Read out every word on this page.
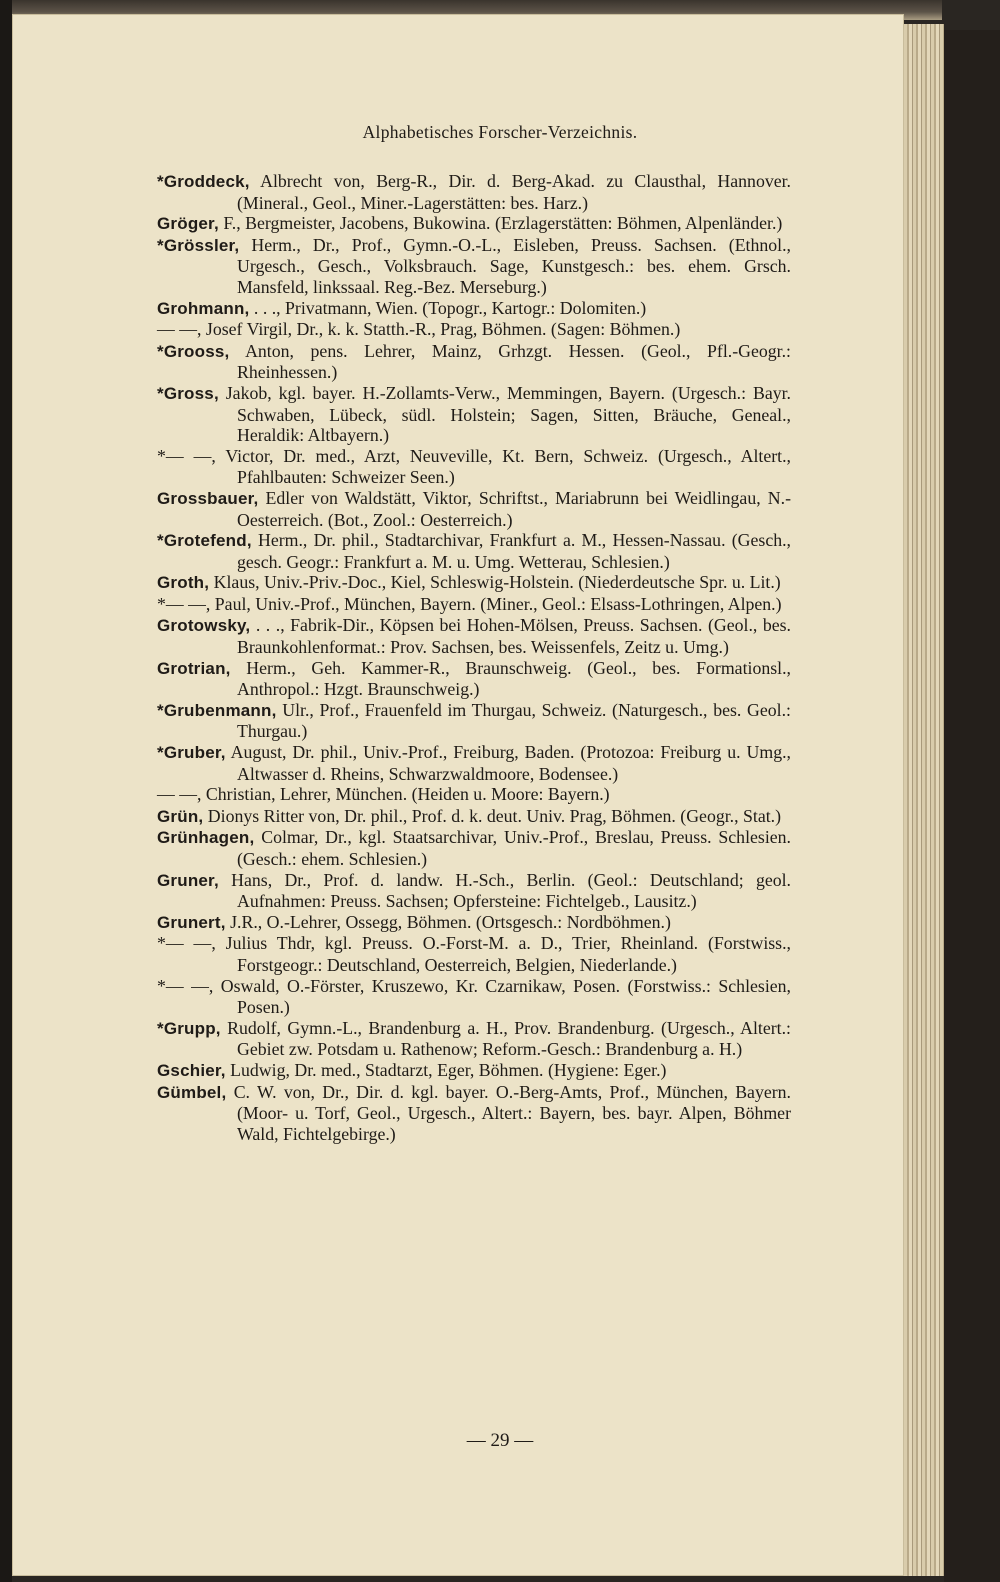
Alphabetisches Forscher-Verzeichnis.
*Groddeck, Albrecht von, Berg-R., Dir. d. Berg-Akad. zu Clausthal, Hannover. (Mineral., Geol., Miner.-Lagerstätten: bes. Harz.)
Gröger, F., Bergmeister, Jacobens, Bukowina. (Erzlagerstätten: Böhmen, Alpenländer.)
*Grössler, Herm., Dr., Prof., Gymn.-O.-L., Eisleben, Preuss. Sachsen. (Ethnol., Urgesch., Gesch., Volksbrauch. Sage, Kunstgesch.: bes. ehem. Grsch. Mansfeld, linkssaal. Reg.-Bez. Merseburg.)
Grohmann, . . ., Privatmann, Wien. (Topogr., Kartogr.: Dolomiten.)
— —, Josef Virgil, Dr., k. k. Statth.-R., Prag, Böhmen. (Sagen: Böhmen.)
*Grooss, Anton, pens. Lehrer, Mainz, Grhzgt. Hessen. (Geol., Pfl.-Geogr.: Rheinhessen.)
*Gross, Jakob, kgl. bayer. H.-Zollamts-Verw., Memmingen, Bayern. (Urgesch.: Bayr. Schwaben, Lübeck, südl. Holstein; Sagen, Sitten, Bräuche, Geneal., Heraldik: Altbayern.)
*— —, Victor, Dr. med., Arzt, Neuveville, Kt. Bern, Schweiz. (Urgesch., Altert., Pfahlbauten: Schweizer Seen.)
Grossbauer, Edler von Waldstätt, Viktor, Schriftst., Mariabrunn bei Weidlingau, N.-Oesterreich. (Bot., Zool.: Oesterreich.)
*Grotefend, Herm., Dr. phil., Stadtarchivar, Frankfurt a. M., Hessen-Nassau. (Gesch., gesch. Geogr.: Frankfurt a. M. u. Umg. Wetterau, Schlesien.)
Groth, Klaus, Univ.-Priv.-Doc., Kiel, Schleswig-Holstein. (Niederdeutsche Spr. u. Lit.)
*— —, Paul, Univ.-Prof., München, Bayern. (Miner., Geol.: Elsass-Lothringen, Alpen.)
Grotowsky, . . ., Fabrik-Dir., Köpsen bei Hohen-Mölsen, Preuss. Sachsen. (Geol., bes. Braunkohlenformat.: Prov. Sachsen, bes. Weissenfels, Zeitz u. Umg.)
Grotrian, Herm., Geh. Kammer-R., Braunschweig. (Geol., bes. Formationsl., Anthropol.: Hzgt. Braunschweig.)
*Grubenmann, Ulr., Prof., Frauenfeld im Thurgau, Schweiz. (Naturgesch., bes. Geol.: Thurgau.)
*Gruber, August, Dr. phil., Univ.-Prof., Freiburg, Baden. (Protozoa: Freiburg u. Umg., Altwasser d. Rheins, Schwarzwaldmoore, Bodensee.)
— —, Christian, Lehrer, München. (Heiden u. Moore: Bayern.)
Grün, Dionys Ritter von, Dr. phil., Prof. d. k. deut. Univ. Prag, Böhmen. (Geogr., Stat.)
Grünhagen, Colmar, Dr., kgl. Staatsarchivar, Univ.-Prof., Breslau, Preuss. Schlesien. (Gesch.: ehem. Schlesien.)
Gruner, Hans, Dr., Prof. d. landw. H.-Sch., Berlin. (Geol.: Deutschland; geol. Aufnahmen: Preuss. Sachsen; Opfersteine: Fichtelgeb., Lausitz.)
Grunert, J.R., O.-Lehrer, Ossegg, Böhmen. (Ortsgesch.: Nordböhmen.)
*— —, Julius Thdr, kgl. Preuss. O.-Forst-M. a. D., Trier, Rheinland. (Forstwiss., Forstgeogr.: Deutschland, Oesterreich, Belgien, Niederlande.)
*— —, Oswald, O.-Förster, Kruszewo, Kr. Czarnikaw, Posen. (Forstwiss.: Schlesien, Posen.)
*Grupp, Rudolf, Gymn.-L., Brandenburg a. H., Prov. Brandenburg. (Urgesch., Altert.: Gebiet zw. Potsdam u. Rathenow; Reform.-Gesch.: Brandenburg a. H.)
Gschier, Ludwig, Dr. med., Stadtarzt, Eger, Böhmen. (Hygiene: Eger.)
Gümbel, C. W. von, Dr., Dir. d. kgl. bayer. O.-Berg-Amts, Prof., München, Bayern. (Moor- u. Torf, Geol., Urgesch., Altert.: Bayern, bes. bayr. Alpen, Böhmer Wald, Fichtelgebirge.)
— 29 —
